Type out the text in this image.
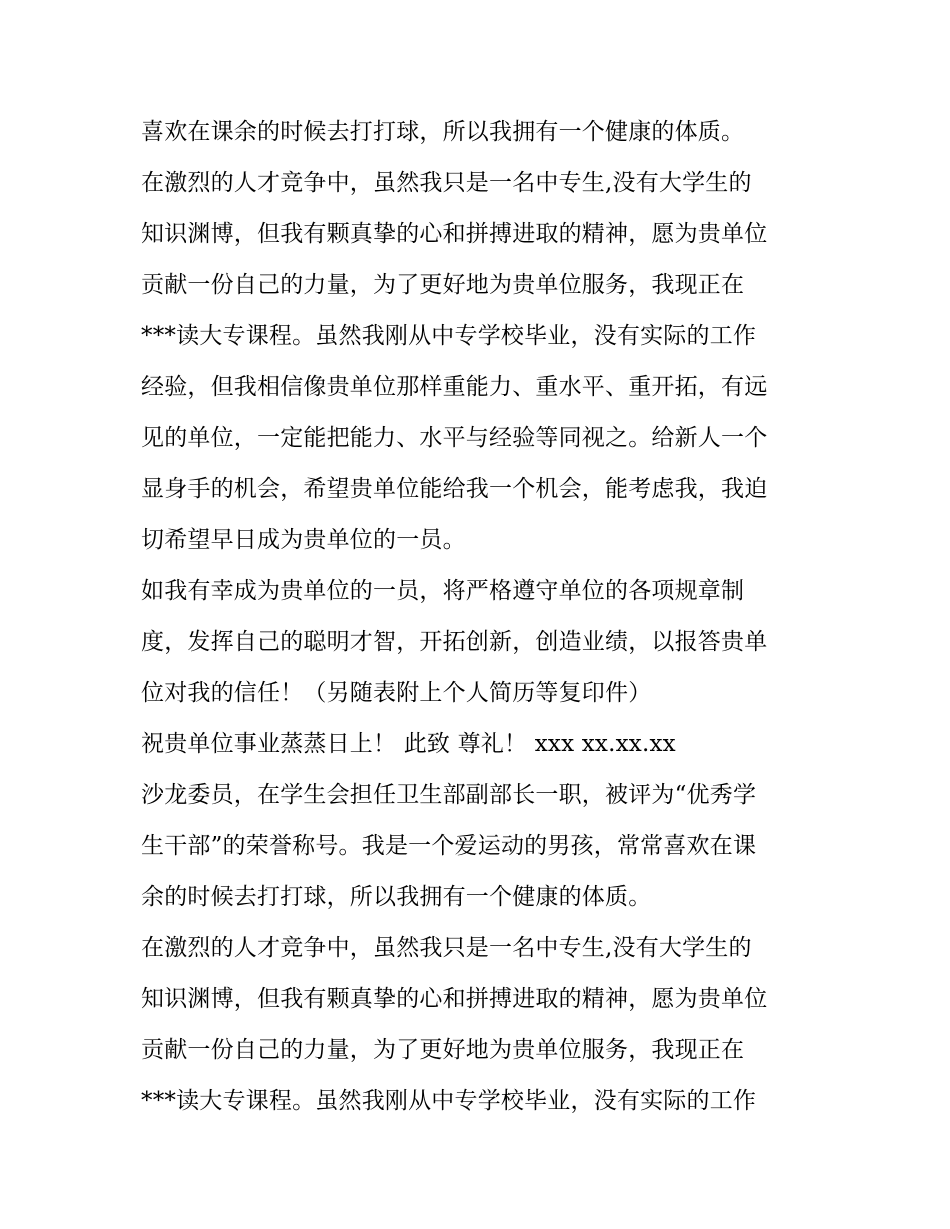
喜欢在课余的时候去打打球，所以我拥有一个健康的体质。
在激烈的人才竞争中，虽然我只是一名中专生,没有大学生的
知识渊博，但我有颗真挚的心和拼搏进取的精神，愿为贵单位
贡献一份自己的力量，为了更好地为贵单位服务，我现正在
***读大专课程。虽然我刚从中专学校毕业，没有实际的工作
经验，但我相信像贵单位那样重能力、重水平、重开拓，有远
见的单位，一定能把能力、水平与经验等同视之。给新人一个
显身手的机会，希望贵单位能给我一个机会，能考虑我，我迫
切希望早日成为贵单位的一员。
如我有幸成为贵单位的一员，将严格遵守单位的各项规章制
度，发挥自己的聪明才智，开拓创新，创造业绩，以报答贵单
位对我的信任！（另随表附上个人简历等复印件）
祝贵单位事业蒸蒸日上！ 此致 尊礼！ xxx xx.xx.xx
沙龙委员，在学生会担任卫生部副部长一职，被评为“优秀学
生干部”的荣誉称号。我是一个爱运动的男孩，常常喜欢在课
余的时候去打打球，所以我拥有一个健康的体质。
在激烈的人才竞争中，虽然我只是一名中专生,没有大学生的
知识渊博，但我有颗真挚的心和拼搏进取的精神，愿为贵单位
贡献一份自己的力量，为了更好地为贵单位服务，我现正在
***读大专课程。虽然我刚从中专学校毕业，没有实际的工作
